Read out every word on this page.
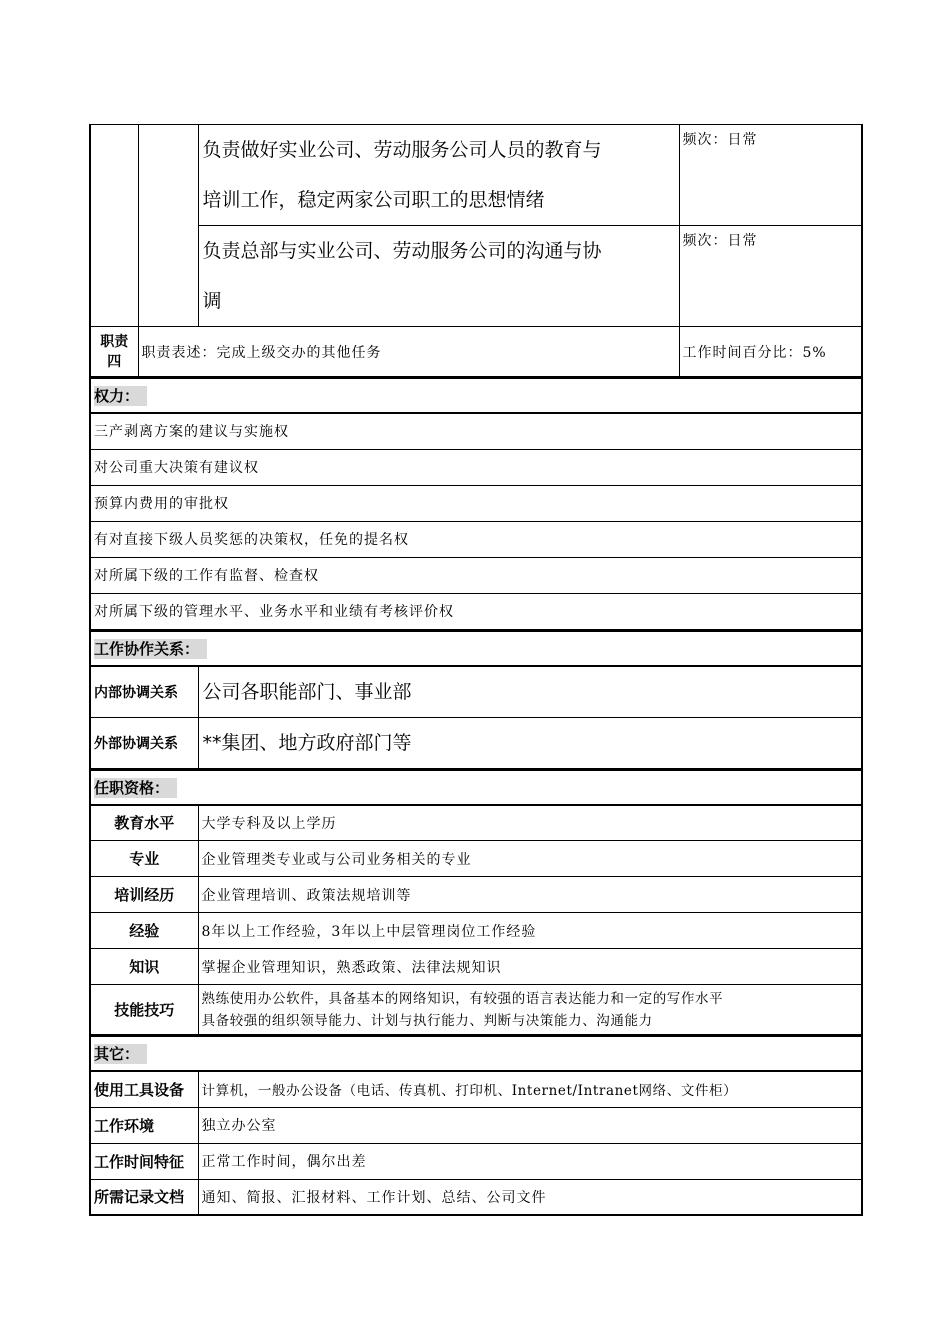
		负责做好实业公司、劳动服务公司人员的教育与
培训工作，稳定两家公司职工的思想情绪	频次：日常

		负责总部与实业公司、劳动服务公司的沟通与协
调	频次：日常

职责
四	职责表述：完成上级交办的其他任务		工作时间百分比：5%
权力：
三产剥离方案的建议与实施权
对公司重大决策有建议权
预算内费用的审批权
有对直接下级人员奖惩的决策权，任免的提名权
对所属下级的工作有监督、检查权
对所属下级的管理水平、业务水平和业绩有考核评价权
工作协作关系：	
内部协调关系	公司各职能部门、事业部
外部协调关系	**集团、地方政府部门等
任职资格：	
教育水平	大学专科及以上学历
专业	企业管理类专业或与公司业务相关的专业
培训经历	企业管理培训、政策法规培训等
经验	8年以上工作经验，3年以上中层管理岗位工作经验
知识	掌握企业管理知识，熟悉政策、法律法规知识
技能技巧	熟练使用办公软件，具备基本的网络知识，有较强的语言表达能力和一定的写作水平
具备较强的组织领导能力、计划与执行能力、判断与决策能力、沟通能力
其它：	
使用工具设备	计算机，一般办公设备（电话、传真机、打印机、Internet/Intranet网络、文件柜）
工作环境	独立办公室
工作时间特征	正常工作时间，偶尔出差
所需记录文档	通知、简报、汇报材料、工作计划、总结、公司文件
